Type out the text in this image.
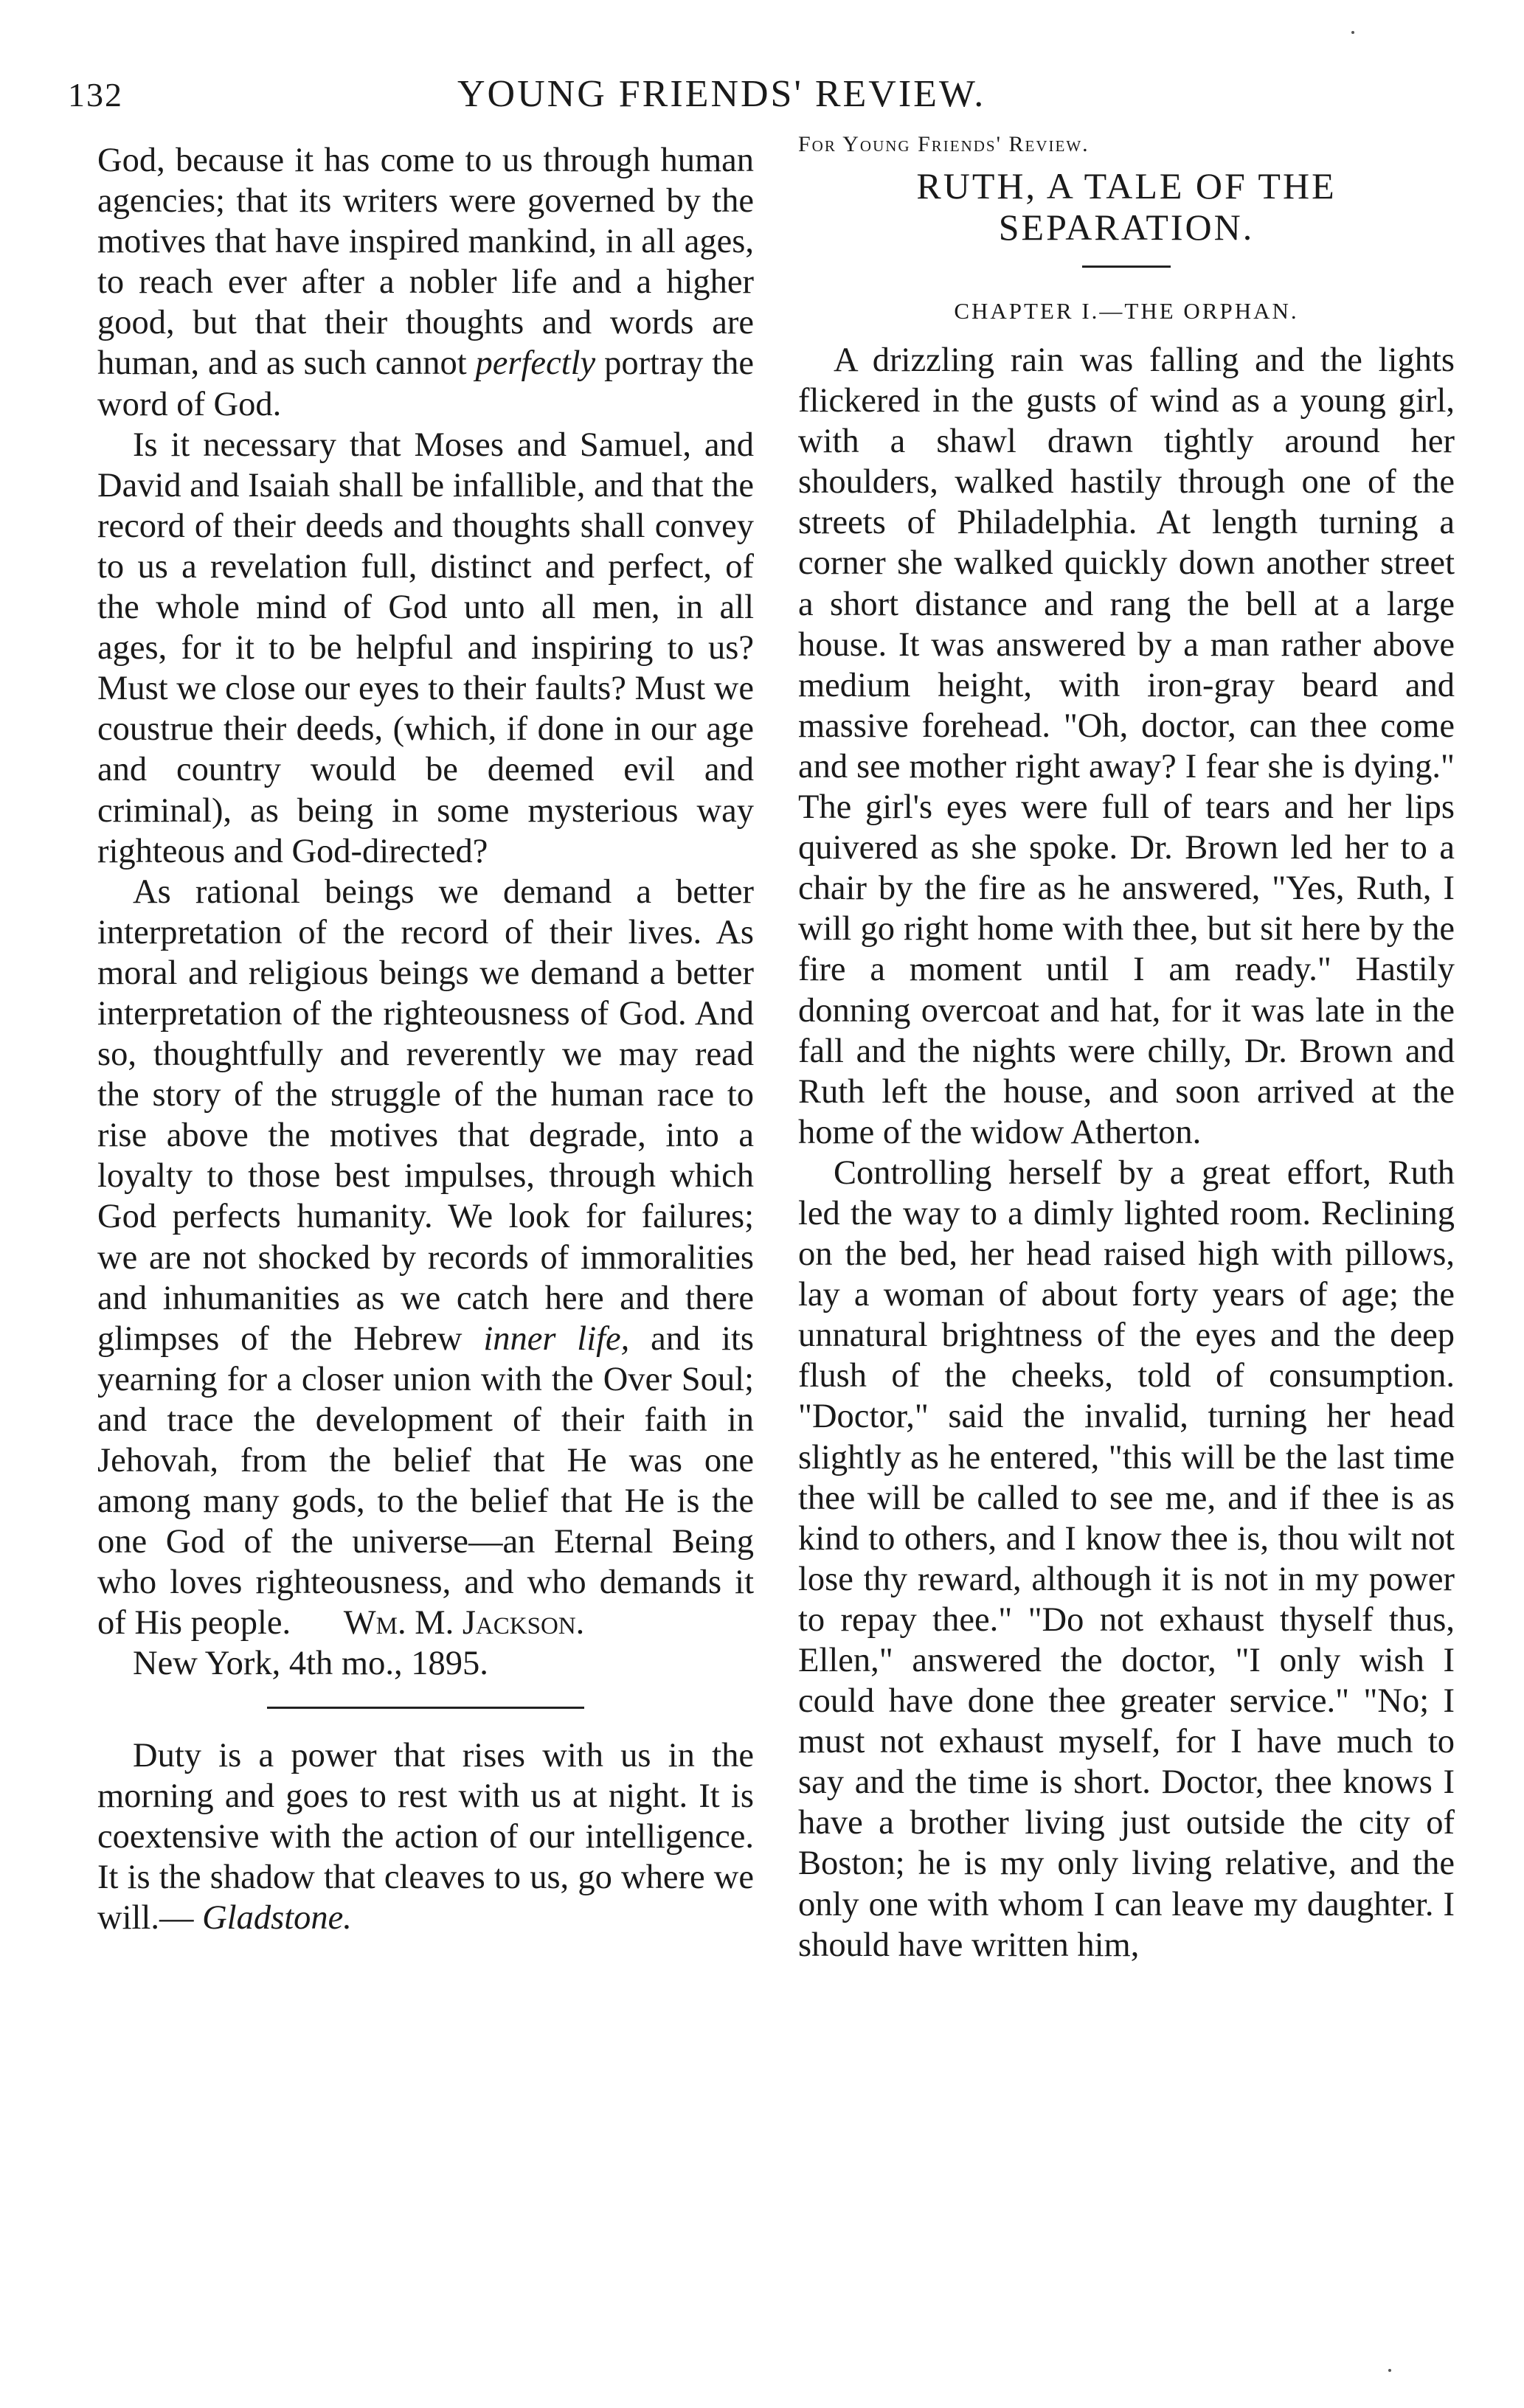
132	YOUNG FRIENDS' REVIEW.

God, because it has come to us through human agencies; that its writers were governed by the motives that have inspired mankind, in all ages, to reach ever after a nobler life and a higher good, but that their thoughts and words are human, and as such cannot perfectly portray the word of God.

Is it necessary that Moses and Samuel, and David and Isaiah shall be infallible, and that the record of their deeds and thoughts shall convey to us a revelation full, distinct and perfect, of the whole mind of God unto all men, in all ages, for it to be helpful and inspiring to us? Must we close our eyes to their faults? Must we coustrue their deeds, (which, if done in our age and country would be deemed evil and criminal), as being in some mysterious way righteous and God-directed?

As rational beings we demand a better interpretation of the record of their lives. As moral and religious beings we demand a better interpretation of the righteousness of God. And so, thoughtfully and reverently we may read the story of the struggle of the human race to rise above the motives that degrade, into a loyalty to those best impulses, through which God perfects humanity. We look for failures; we are not shocked by records of immoralities and inhumanities as we catch here and there glimpses of the Hebrew inner life, and its yearning for a closer union with the Over Soul; and trace the development of their faith in Jehovah, from the belief that He was one among many gods, to the belief that He is the one God of the universe—an Eternal Being who loves righteousness, and who demands it of His people. Wm. M. Jackson.

New York, 4th mo., 1895.

Duty is a power that rises with us in the morning and goes to rest with us at night. It is coextensive with the action of our intelligence. It is the shadow that cleaves to us, go where we will.— Gladstone.

For Young Friends' Review.

RUTH, A TALE OF THE SEPARATION.

CHAPTER I.—THE ORPHAN.

A drizzling rain was falling and the lights flickered in the gusts of wind as a young girl, with a shawl drawn tightly around her shoulders, walked hastily through one of the streets of Philadelphia. At length turning a corner she walked quickly down another street a short distance and rang the bell at a large house. It was answered by a man rather above medium height, with iron-gray beard and massive forehead. "Oh, doctor, can thee come and see mother right away? I fear she is dying." The girl's eyes were full of tears and her lips quivered as she spoke. Dr. Brown led her to a chair by the fire as he answered, "Yes, Ruth, I will go right home with thee, but sit here by the fire a moment until I am ready." Hastily donning overcoat and hat, for it was late in the fall and the nights were chilly, Dr. Brown and Ruth left the house, and soon arrived at the home of the widow Atherton.

Controlling herself by a great effort, Ruth led the way to a dimly lighted room. Reclining on the bed, her head raised high with pillows, lay a woman of about forty years of age; the unnatural brightness of the eyes and the deep flush of the cheeks, told of consumption. "Doctor," said the invalid, turning her head slightly as he entered, "this will be the last time thee will be called to see me, and if thee is as kind to others, and I know thee is, thou wilt not lose thy reward, although it is not in my power to repay thee." "Do not exhaust thyself thus, Ellen," answered the doctor, "I only wish I could have done thee greater service." "No; I must not exhaust myself, for I have much to say and the time is short. Doctor, thee knows I have a brother living just outside the city of Boston; he is my only living relative, and the only one with whom I can leave my daughter. I should have written him,
